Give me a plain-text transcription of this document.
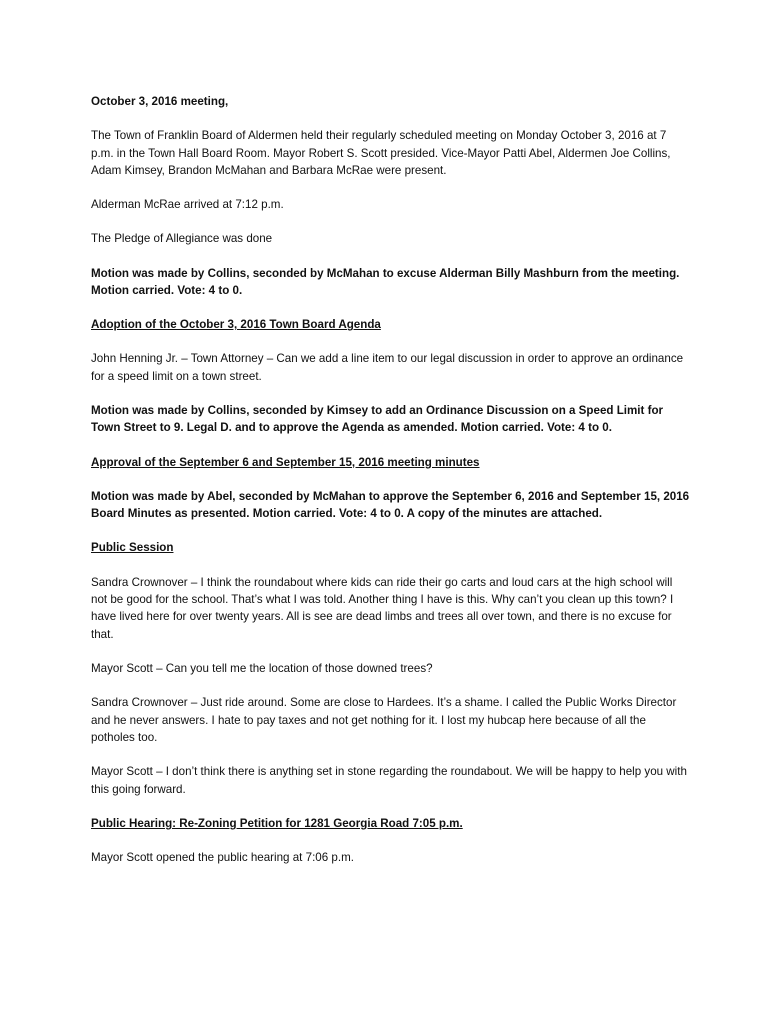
October 3, 2016 meeting,

The Town of Franklin Board of Aldermen held their regularly scheduled meeting on Monday October 3, 2016 at 7 p.m. in the Town Hall Board Room. Mayor Robert S. Scott presided. Vice-Mayor Patti Abel, Aldermen Joe Collins, Adam Kimsey, Brandon McMahan and Barbara McRae were present.

Alderman McRae arrived at 7:12 p.m.

The Pledge of Allegiance was done

Motion was made by Collins, seconded by McMahan to excuse Alderman Billy Mashburn from the meeting. Motion carried. Vote: 4 to 0.

Adoption of the October 3, 2016 Town Board Agenda

John Henning Jr. – Town Attorney – Can we add a line item to our legal discussion in order to approve an ordinance for a speed limit on a town street.

Motion was made by Collins, seconded by Kimsey to add an Ordinance Discussion on a Speed Limit for Town Street to 9. Legal D. and to approve the Agenda as amended. Motion carried. Vote: 4 to 0.

Approval of the September 6 and September 15, 2016 meeting minutes

Motion was made by Abel, seconded by McMahan to approve the September 6, 2016 and September 15, 2016 Board Minutes as presented. Motion carried. Vote: 4 to 0. A copy of the minutes are attached.

Public Session

Sandra Crownover – I think the roundabout where kids can ride their go carts and loud cars at the high school will not be good for the school. That’s what I was told. Another thing I have is this. Why can’t you clean up this town? I have lived here for over twenty years. All is see are dead limbs and trees all over town, and there is no excuse for that.

Mayor Scott – Can you tell me the location of those downed trees?

Sandra Crownover – Just ride around. Some are close to Hardees. It’s a shame. I called the Public Works Director and he never answers. I hate to pay taxes and not get nothing for it. I lost my hubcap here because of all the potholes too.

Mayor Scott – I don’t think there is anything set in stone regarding the roundabout. We will be happy to help you with this going forward.

Public Hearing: Re-Zoning Petition for 1281 Georgia Road 7:05 p.m.

Mayor Scott opened the public hearing at 7:06 p.m.
